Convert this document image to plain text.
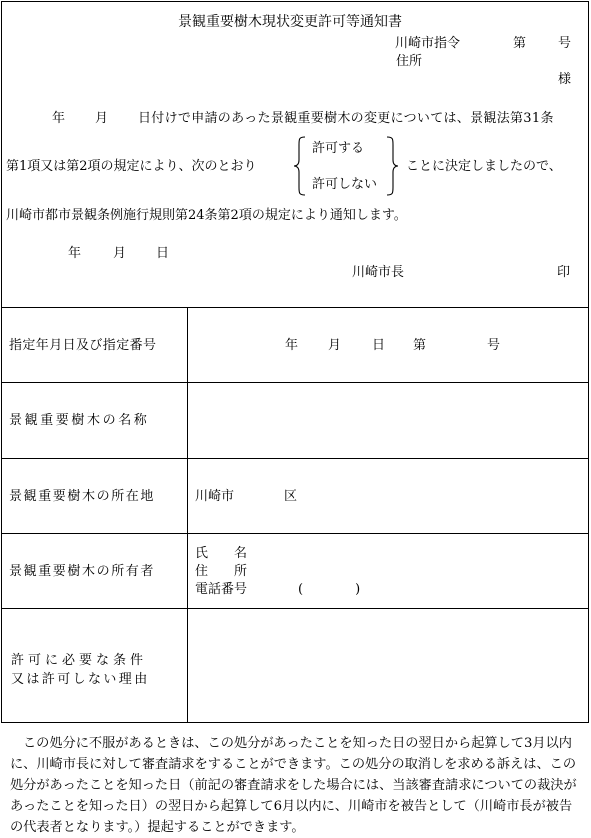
景観重要樹木現状変更許可等通知書
川崎市指令	第 号
住所
様
年 月 日付けで申請のあった景観重要樹木の変更については、景観法第31条
第1項又は第2項の規定により、次のとおり
許可する
許可しない
ことに決定しましたので、
川崎市都市景観条例施行規則第24条第2項の規定により通知します。
年 月 日
川崎市長	印
指定年月日及び指定番号	年 月 日 第	号
景観重要樹木の名称
景観重要樹木の所在地	川崎市	区
景観重要樹木の所有者
氏　　名
住　　所
電話番号	(　　　　)
許可に必要な条件
又は許可しない理由
この処分に不服があるときは、この処分があったことを知った日の翌日から起算して3月以内に、川崎市長に対して審査請求をすることができます。この処分の取消しを求める訴えは、この処分があったことを知った日（前記の審査請求をした場合には、当該審査請求についての裁決があったことを知った日）の翌日から起算して6月以内に、川崎市を被告として（川崎市長が被告の代表者となります。）提起することができます。
